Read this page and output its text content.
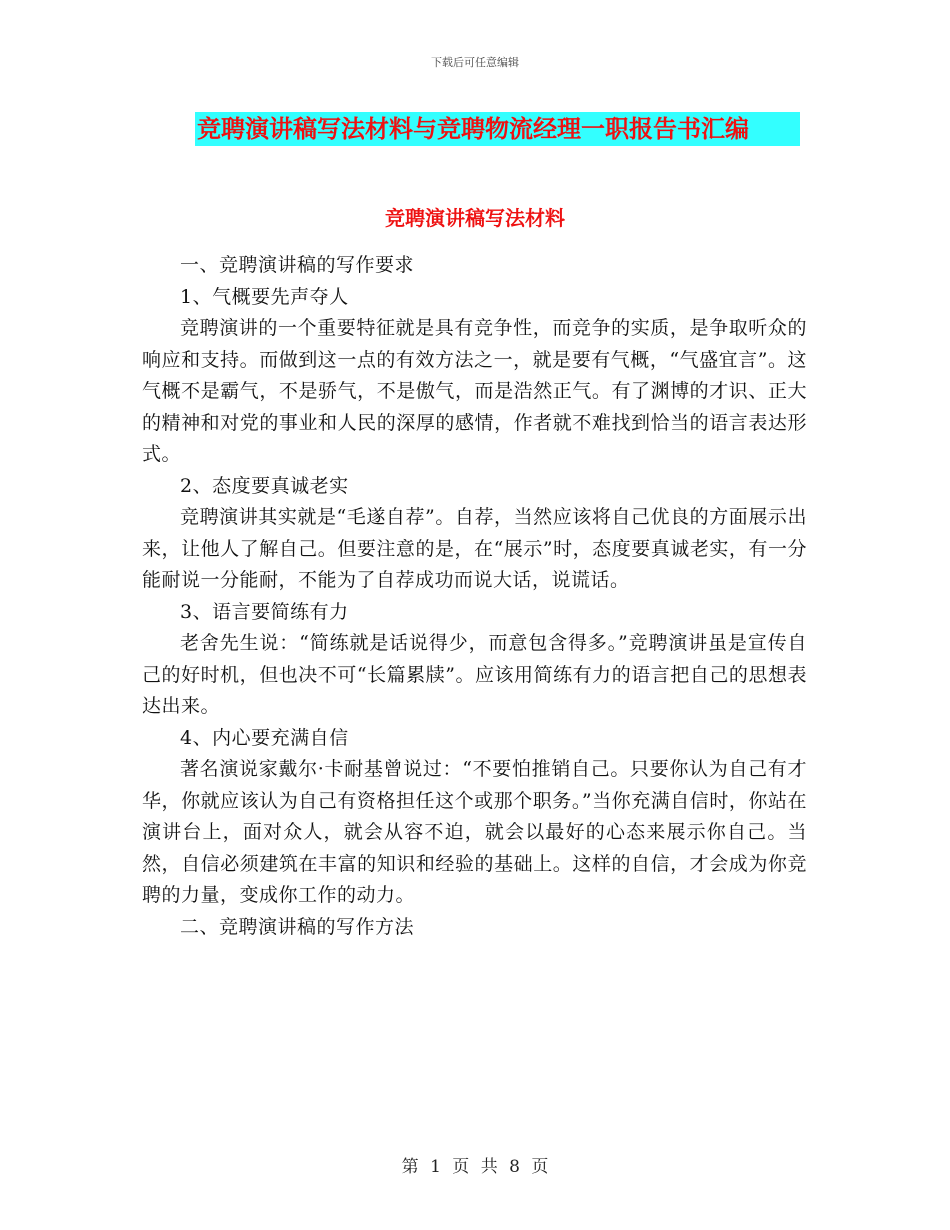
下载后可任意编辑
竞聘演讲稿写法材料与竞聘物流经理一职报告书汇编
竞聘演讲稿写法材料

一、竞聘演讲稿的写作要求

1、气概要先声夺人

竞聘演讲的一个重要特征就是具有竞争性，而竞争的实质，是争取听众的响应和支持。而做到这一点的有效方法之一，就是要有气概，“气盛宜言”。这气概不是霸气，不是骄气，不是傲气，而是浩然正气。有了渊博的才识、正大的精神和对党的事业和人民的深厚的感情，作者就不难找到恰当的语言表达形式。

2、态度要真诚老实

竞聘演讲其实就是“毛遂自荐”。自荐，当然应该将自己优良的方面展示出来，让他人了解自己。但要注意的是，在“展示”时，态度要真诚老实，有一分能耐说一分能耐，不能为了自荐成功而说大话，说谎话。

3、语言要简练有力

老舍先生说：“简练就是话说得少，而意包含得多。”竞聘演讲虽是宣传自己的好时机，但也决不可“长篇累牍”。应该用简练有力的语言把自己的思想表达出来。

4、内心要充满自信

著名演说家戴尔·卡耐基曾说过：“不要怕推销自己。只要你认为自己有才华，你就应该认为自己有资格担任这个或那个职务。”当你充满自信时，你站在演讲台上，面对众人，就会从容不迫，就会以最好的心态来展示你自己。当然，自信必须建筑在丰富的知识和经验的基础上。这样的自信，才会成为你竞聘的力量，变成你工作的动力。

二、竞聘演讲稿的写作方法

第 1 页 共 8 页
